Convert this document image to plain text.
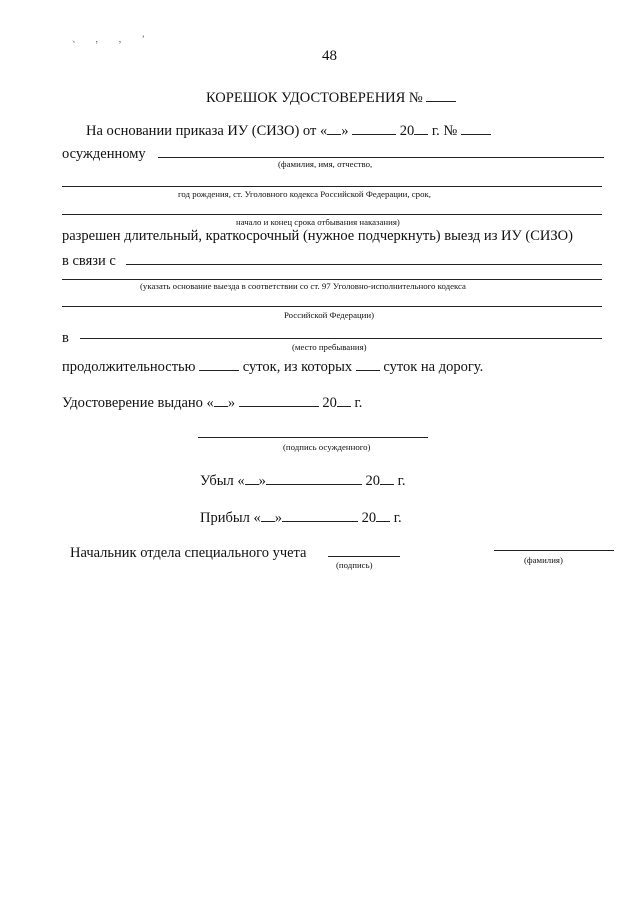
、 ， ， ʼ
48
КОРЕШОК УДОСТОВЕРЕНИЯ №
На основании приказа ИУ (СИЗО) от « »	20 г. №
осужденному
(фамилия, имя, отчество,
год рождения, ст. Уголовного кодекса Российской Федерации, срок,
начало и конец срока отбывания наказания)
разрешен длительный, краткосрочный (нужное подчеркнуть) выезд из ИУ (СИЗО)
в связи с
(указать основание выезда в соответствии со ст. 97 Уголовно-исполнительного кодекса
Российской Федерации)
в
(место пребывания)
продолжительностью	суток, из которых суток на дорогу.
Удостоверение выдано « »	20 г.
(подпись осужденного)
Убыл « »	20 г.
Прибыл « »	20 г.
Начальник отдела специального учета
(подпись)	(фамилия)
